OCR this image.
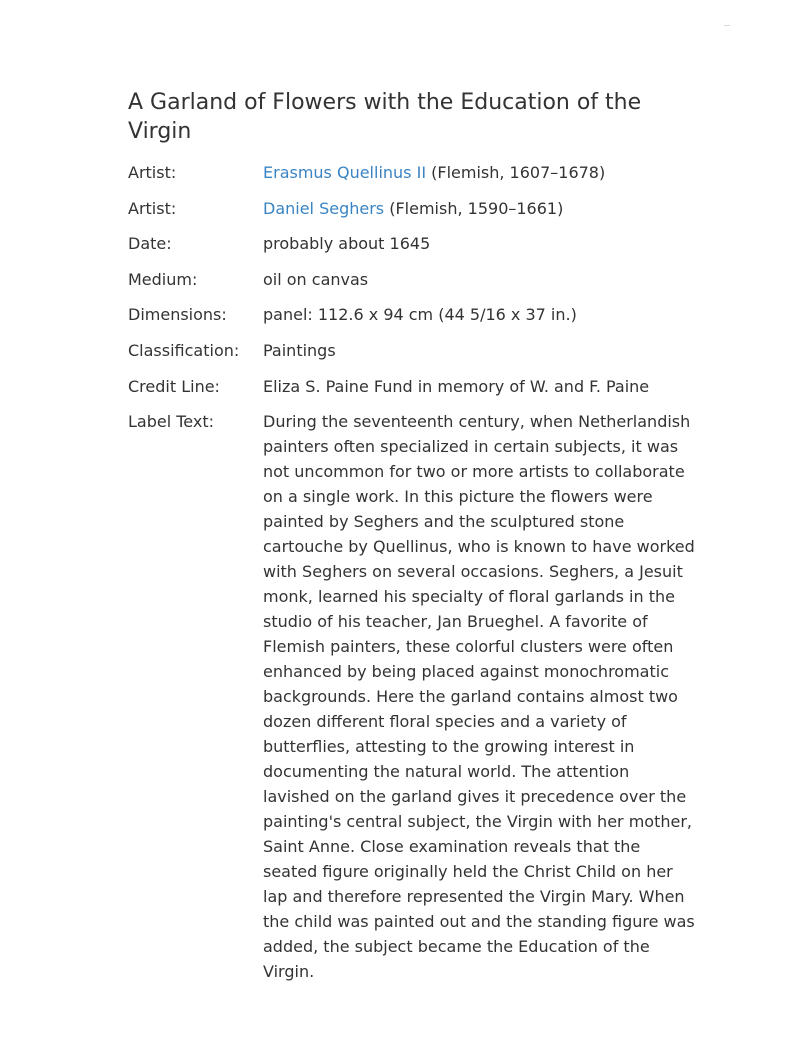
A Garland of Flowers with the Education of the Virgin
Artist:	Erasmus Quellinus II (Flemish, 1607–1678)
Artist:	Daniel Seghers (Flemish, 1590–1661)
Date:	probably about 1645
Medium:	oil on canvas
Dimensions:	panel: 112.6 x 94 cm (44 5/16 x 37 in.)
Classification:	Paintings
Credit Line:	Eliza S. Paine Fund in memory of W. and F. Paine
Label Text:	During the seventeenth century, when Netherlandish painters often specialized in certain subjects, it was not uncommon for two or more artists to collaborate on a single work. In this picture the flowers were painted by Seghers and the sculptured stone cartouche by Quellinus, who is known to have worked with Seghers on several occasions. Seghers, a Jesuit monk, learned his specialty of floral garlands in the studio of his teacher, Jan Brueghel. A favorite of Flemish painters, these colorful clusters were often enhanced by being placed against monochromatic backgrounds. Here the garland contains almost two dozen different floral species and a variety of butterflies, attesting to the growing interest in documenting the natural world. The attention lavished on the garland gives it precedence over the painting's central subject, the Virgin with her mother, Saint Anne. Close examination reveals that the seated figure originally held the Christ Child on her lap and therefore represented the Virgin Mary. When the child was painted out and the standing figure was added, the subject became the Education of the Virgin.
